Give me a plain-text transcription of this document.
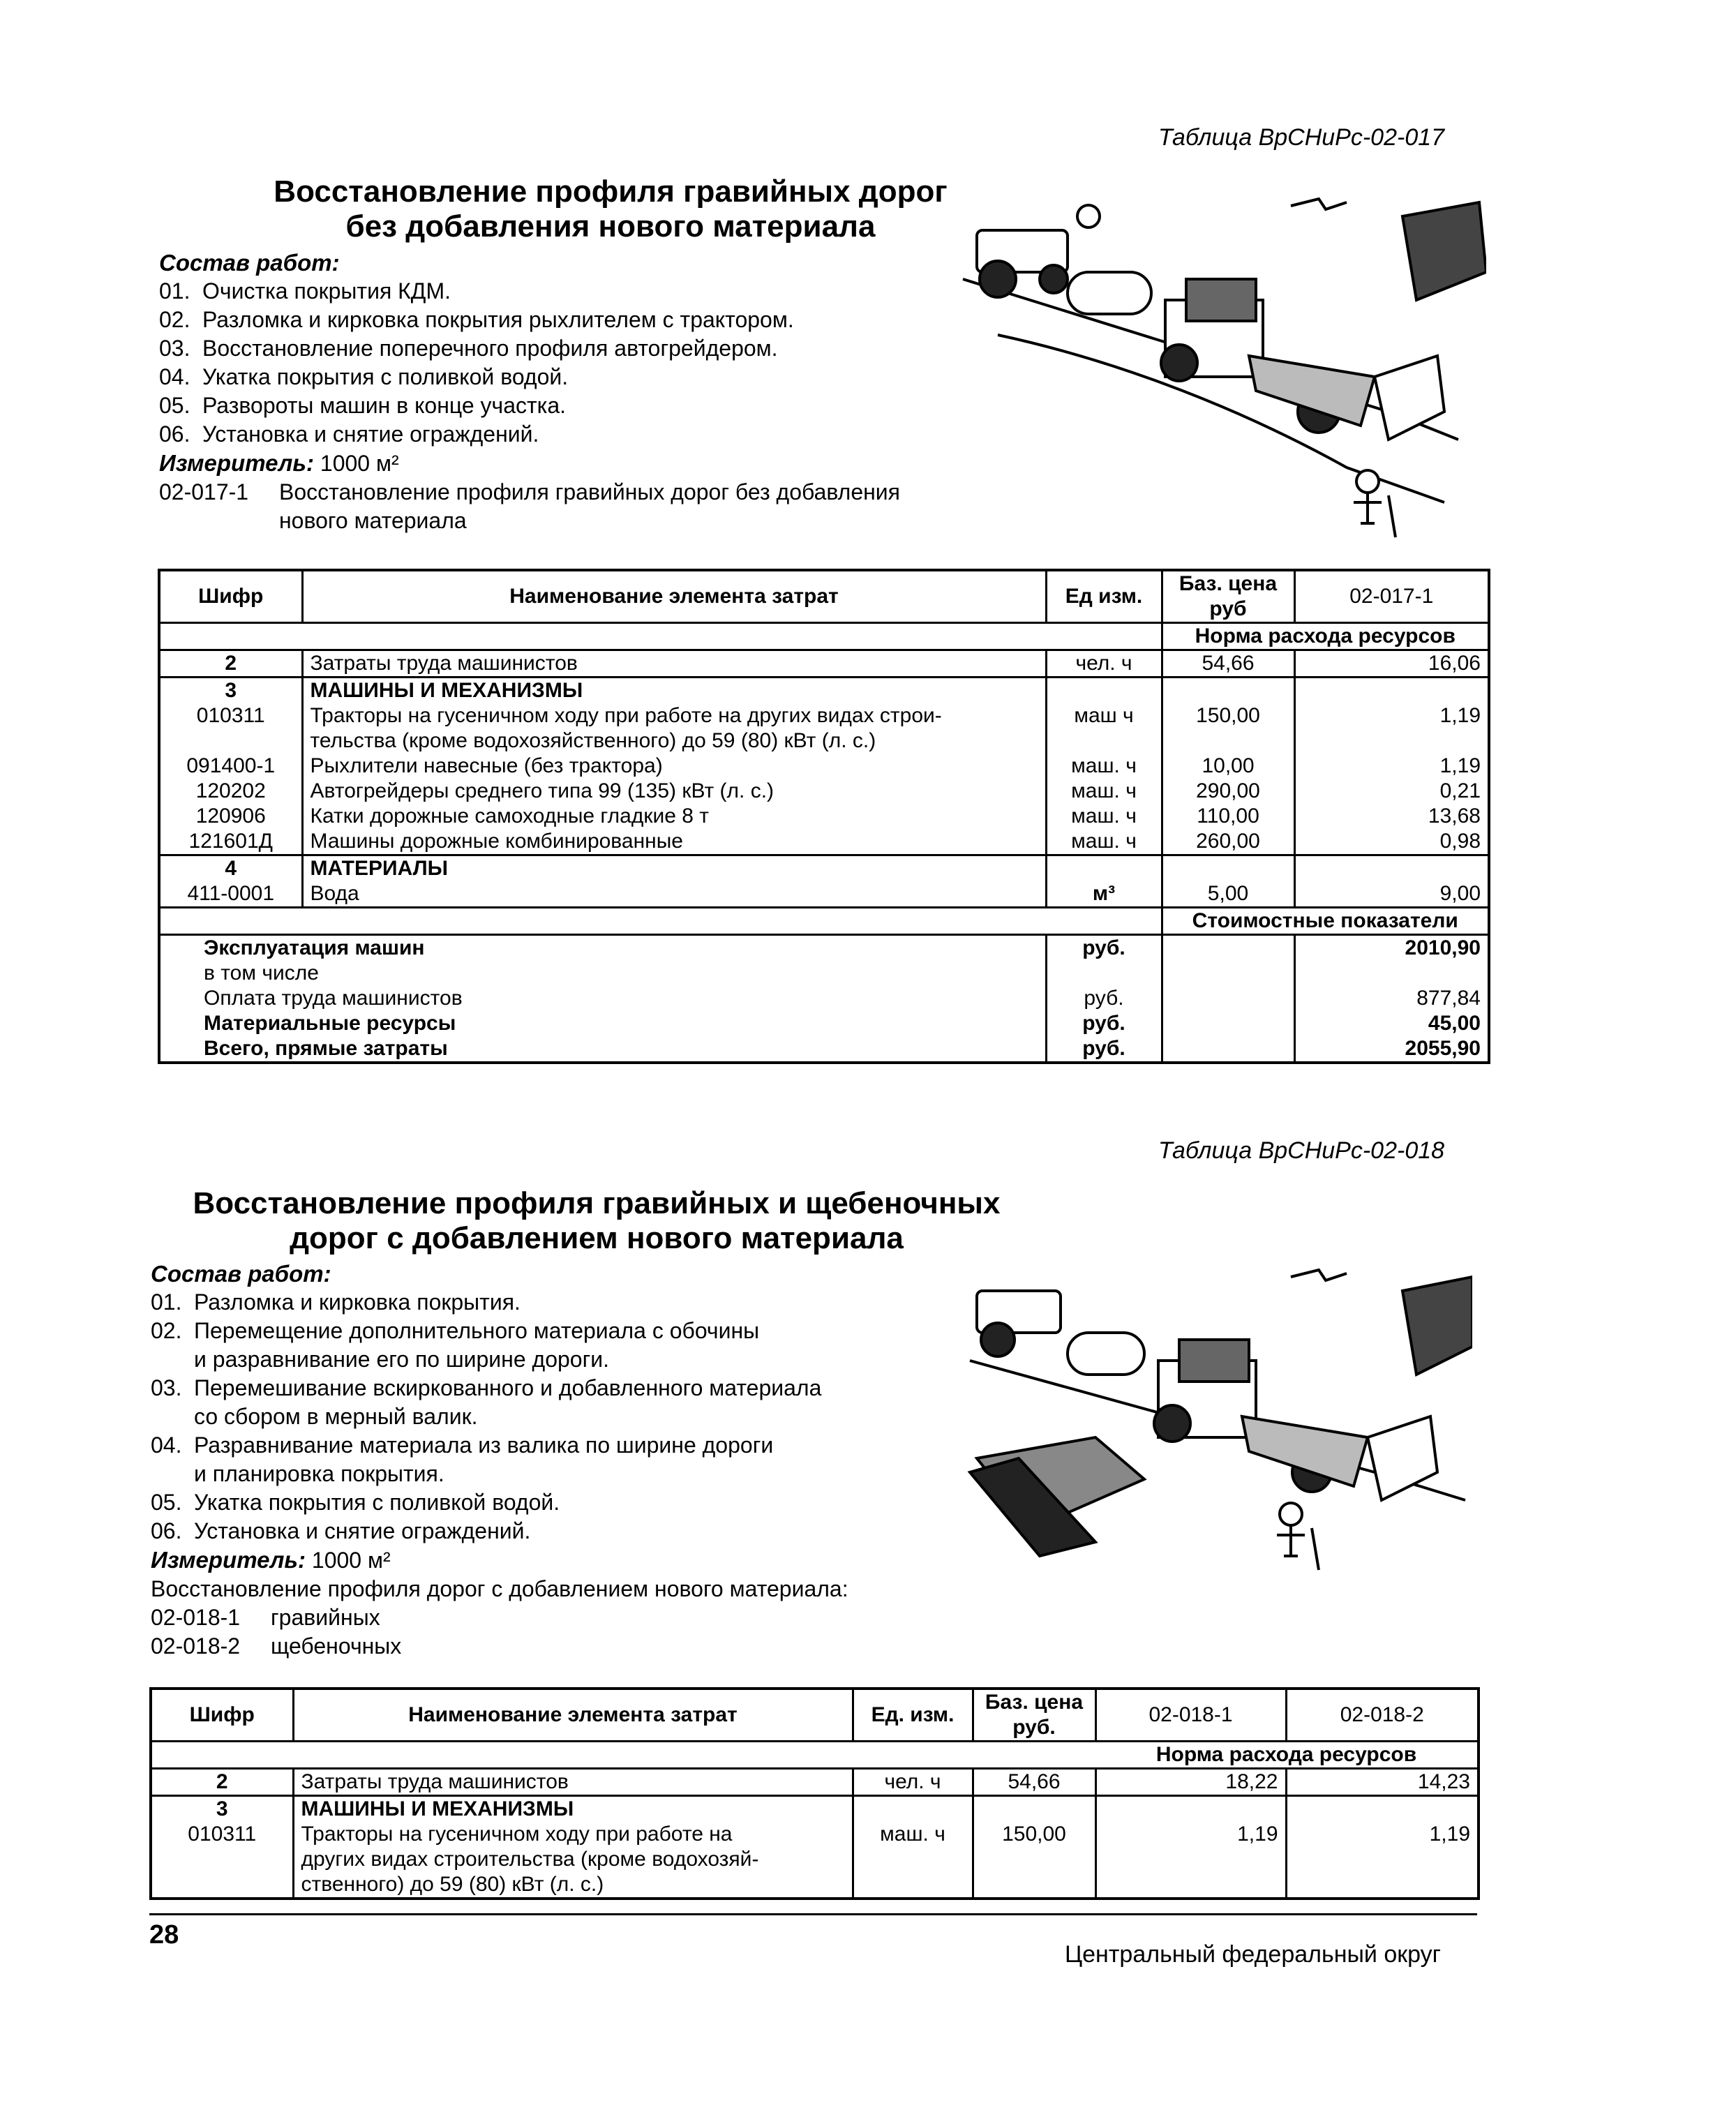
Таблица ВрСНиРс-02-017
Восстановление профиля гравийных дорог
без добавления нового материала
Состав работ:
01. Очистка покрытия КДМ.
02. Разломка и кирковка покрытия рыхлителем с трактором.
03. Восстановление поперечного профиля автогрейдером.
04. Укатка покрытия с поливкой водой.
05. Развороты машин в конце участка.
06. Установка и снятие ограждений.
Измеритель: 1000 м²
02-017-1	Восстановление профиля гравийных дорог без добавления
нового материала
Шифр	Наименование элемента затрат	Ед изм.	Баз. цена руб	02-017-1
			Норма расхода ресурсов	
2	Затраты труда машинистов	чел. ч	54,66	16,06
3	МАШИНЫ И МЕХАНИЗМЫ			
010311	Тракторы на гусеничном ходу при работе на других видах строи-	маш ч	150,00	1,19
	тельства (кроме водохозяйственного) до 59 (80) кВт (л. с.)			
091400-1	Рыхлители навесные (без трактора)	маш. ч	10,00	1,19
120202	Автогрейдеры среднего типа 99 (135) кВт (л. с.)	маш. ч	290,00	0,21
120906	Катки дорожные самоходные гладкие 8 т	маш. ч	110,00	13,68
121601Д	Машины дорожные комбинированные	маш. ч	260,00	0,98
4	МАТЕРИАЛЫ			
411-0001	Вода	м³	5,00	9,00
			Стоимостные показатели	
Эксплуатация машин		руб.		2010,90
в том числе				
Оплата труда машинистов		руб.		877,84
Материальные ресурсы		руб.		45,00
Всего, прямые затраты		руб.		2055,90
Таблица ВрСНиРс-02-018
Восстановление профиля гравийных и щебеночных
дорог с добавлением нового материала
Состав работ:
01. Разломка и кирковка покрытия.
02. Перемещение дополнительного материала с обочины
и разравнивание его по ширине дороги.
03. Перемешивание вскиркованного и добавленного материала
со сбором в мерный валик.
04. Разравнивание материала из валика по ширине дороги
и планировка покрытия.
05. Укатка покрытия с поливкой водой.
06. Установка и снятие ограждений.
Измеритель: 1000 м²
Восстановление профиля дорог с добавлением нового материала:
02-018-1	гравийных
02-018-2	щебеночных
Шифр	Наименование элемента затрат	Ед. изм.	Баз. цена руб.	02-018-1	02-018-2
				Норма расхода ресурсов	
2	Затраты труда машинистов	чел. ч	54,66	18,22	14,23
3	МАШИНЫ И МЕХАНИЗМЫ				
010311	Тракторы на гусеничном ходу при работе на	маш. ч	150,00	1,19	1,19
	других видах строительства (кроме водохозяй-				
	ственного) до 59 (80) кВт (л. с.)				
28
Центральный федеральный округ
